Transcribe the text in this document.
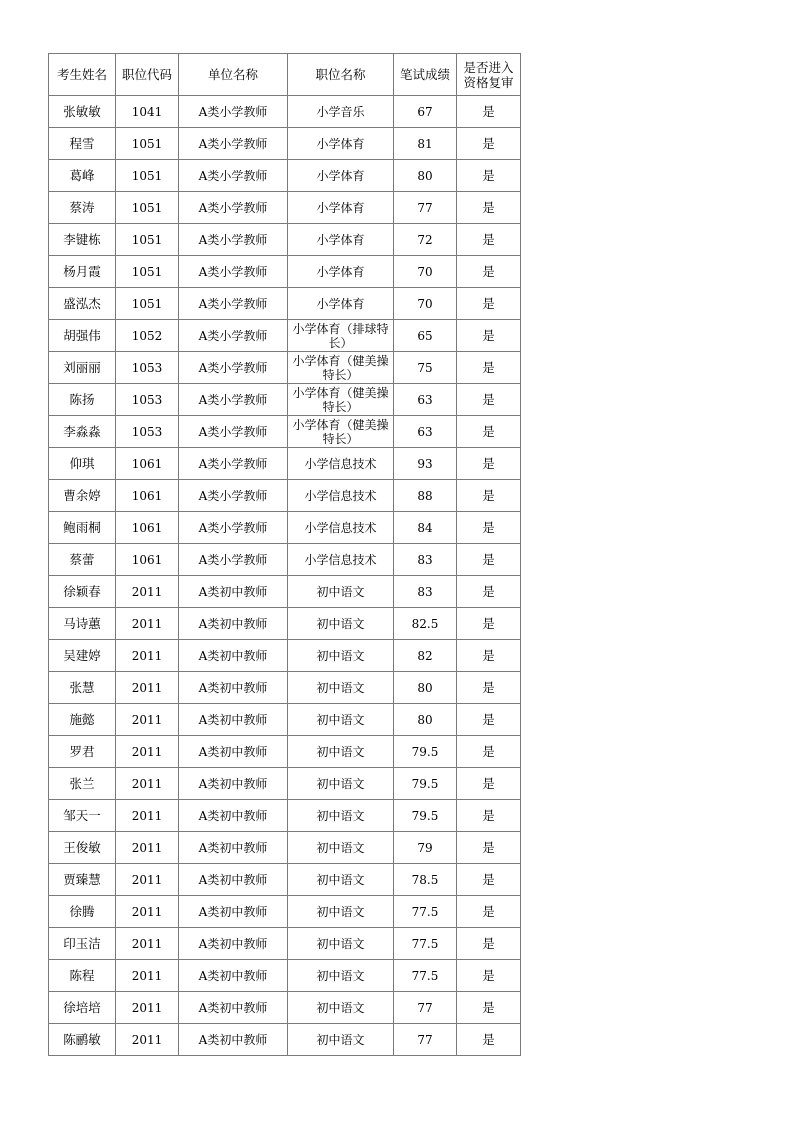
考生姓名	职位代码	单位名称	职位名称	笔试成绩	是否进入资格复审
张敏敏	1041	A类小学教师	小学音乐	67	是
程雪	1051	A类小学教师	小学体育	81	是
葛峰	1051	A类小学教师	小学体育	80	是
蔡涛	1051	A类小学教师	小学体育	77	是
李键栋	1051	A类小学教师	小学体育	72	是
杨月霞	1051	A类小学教师	小学体育	70	是
盛泓杰	1051	A类小学教师	小学体育	70	是
胡强伟	1052	A类小学教师	小学体育（排球特长）	65	是
刘丽丽	1053	A类小学教师	小学体育（健美操特长）	75	是
陈扬	1053	A类小学教师	小学体育（健美操特长）	63	是
李淼淼	1053	A类小学教师	小学体育（健美操特长）	63	是
仰琪	1061	A类小学教师	小学信息技术	93	是
曹余婷	1061	A类小学教师	小学信息技术	88	是
鲍雨桐	1061	A类小学教师	小学信息技术	84	是
蔡蕾	1061	A类小学教师	小学信息技术	83	是
徐颖春	2011	A类初中教师	初中语文	83	是
马诗蕙	2011	A类初中教师	初中语文	82.5	是
吴建婷	2011	A类初中教师	初中语文	82	是
张慧	2011	A类初中教师	初中语文	80	是
施懿	2011	A类初中教师	初中语文	80	是
罗君	2011	A类初中教师	初中语文	79.5	是
张兰	2011	A类初中教师	初中语文	79.5	是
邹天一	2011	A类初中教师	初中语文	79.5	是
王俊敏	2011	A类初中教师	初中语文	79	是
贾臻慧	2011	A类初中教师	初中语文	78.5	是
徐腾	2011	A类初中教师	初中语文	77.5	是
印玉洁	2011	A类初中教师	初中语文	77.5	是
陈程	2011	A类初中教师	初中语文	77.5	是
徐培培	2011	A类初中教师	初中语文	77	是
陈鹂敏	2011	A类初中教师	初中语文	77	是
